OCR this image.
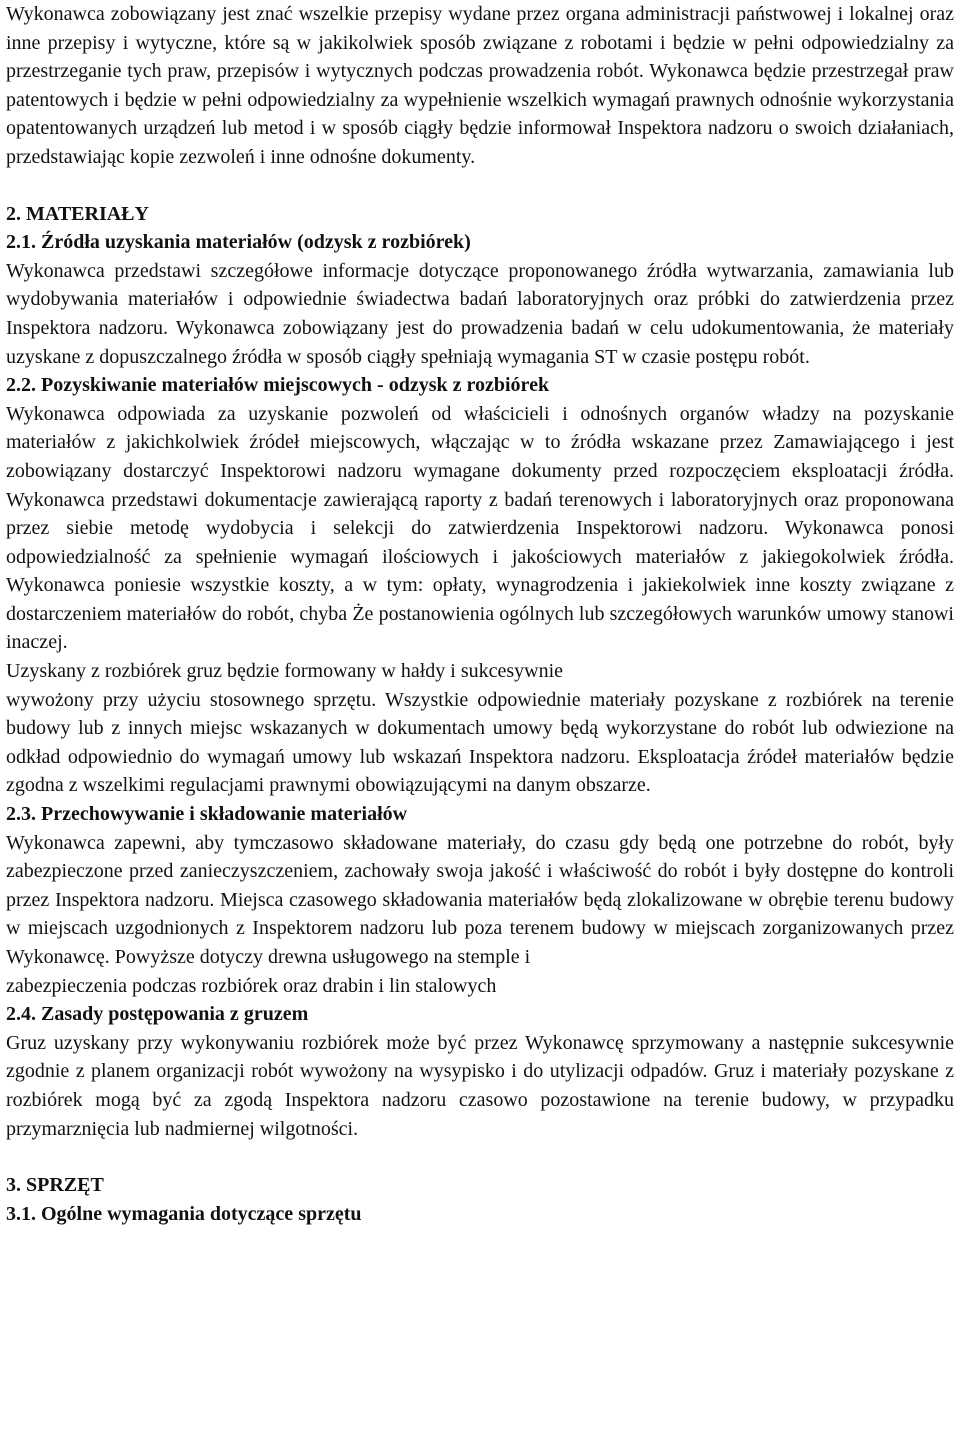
Wykonawca zobowiązany jest znać wszelkie przepisy wydane przez organa administracji państwowej i lokalnej oraz inne przepisy i wytyczne, które są w jakikolwiek sposób związane z robotami i będzie w pełni odpowiedzialny za przestrzeganie tych praw, przepisów i wytycznych podczas prowadzenia robót. Wykonawca będzie przestrzegał praw patentowych i będzie w pełni odpowiedzialny za wypełnienie wszelkich wymagań prawnych odnośnie wykorzystania opatentowanych urządzeń lub metod i w sposób ciągły będzie informował Inspektora nadzoru o swoich działaniach, przedstawiając kopie zezwoleń i inne odnośne dokumenty.

2. MATERIAŁY
2.1. Źródła uzyskania materiałów (odzysk z rozbiórek)

Wykonawca przedstawi szczegółowe informacje dotyczące proponowanego źródła wytwarzania, zamawiania lub wydobywania materiałów i odpowiednie świadectwa badań laboratoryjnych oraz próbki do zatwierdzenia przez Inspektora nadzoru. Wykonawca zobowiązany jest do prowadzenia badań w celu udokumentowania, że materiały uzyskane z dopuszczalnego źródła w sposób ciągły spełniają wymagania ST w czasie postępu robót.

2.2. Pozyskiwanie materiałów miejscowych - odzysk z rozbiórek

Wykonawca odpowiada za uzyskanie pozwoleń od właścicieli i odnośnych organów władzy na pozyskanie materiałów z jakichkolwiek źródeł miejscowych, włączając w to źródła wskazane przez Zamawiającego i jest zobowiązany dostarczyć Inspektorowi nadzoru wymagane dokumenty przed rozpoczęciem eksploatacji źródła. Wykonawca przedstawi dokumentacje zawierającą raporty z badań terenowych i laboratoryjnych oraz proponowana przez siebie metodę wydobycia i selekcji do zatwierdzenia Inspektorowi nadzoru. Wykonawca ponosi odpowiedzialność za spełnienie wymagań ilościowych i jakościowych materiałów z jakiegokolwiek źródła. Wykonawca poniesie wszystkie koszty, a w tym: opłaty, wynagrodzenia i jakiekolwiek inne koszty związane z dostarczeniem materiałów do robót, chyba Że postanowienia ogólnych lub szczegółowych warunków umowy stanowi inaczej.

Uzyskany z rozbiórek gruz będzie formowany w hałdy i sukcesywnie

wywożony przy użyciu stosownego sprzętu. Wszystkie odpowiednie materiały pozyskane z rozbiórek na terenie budowy lub z innych miejsc wskazanych w dokumentach umowy będą wykorzystane do robót lub odwiezione na odkład odpowiednio do wymagań umowy lub wskazań Inspektora nadzoru. Eksploatacja źródeł materiałów będzie zgodna z wszelkimi regulacjami prawnymi obowiązującymi na danym obszarze.

2.3. Przechowywanie i składowanie materiałów

Wykonawca zapewni, aby tymczasowo składowane materiały, do czasu gdy będą one potrzebne do robót, były zabezpieczone przed zanieczyszczeniem, zachowały swoja jakość i właściwość do robót i były dostępne do kontroli przez Inspektora nadzoru. Miejsca czasowego składowania materiałów będą zlokalizowane w obrębie terenu budowy w miejscach uzgodnionych z Inspektorem nadzoru lub poza terenem budowy w miejscach zorganizowanych przez Wykonawcę. Powyższe dotyczy drewna usługowego na stemple i

zabezpieczenia podczas rozbiórek oraz drabin i lin stalowych

2.4. Zasady postępowania z gruzem

Gruz uzyskany przy wykonywaniu rozbiórek może być przez Wykonawcę sprzymowany a następnie sukcesywnie zgodnie z planem organizacji robót wywożony na wysypisko i do utylizacji odpadów. Gruz i materiały pozyskane z rozbiórek mogą być za zgodą Inspektora nadzoru czasowo pozostawione na terenie budowy, w przypadku przymarznięcia lub nadmiernej wilgotności.

3. SPRZĘT
3.1. Ogólne wymagania dotyczące sprzętu
